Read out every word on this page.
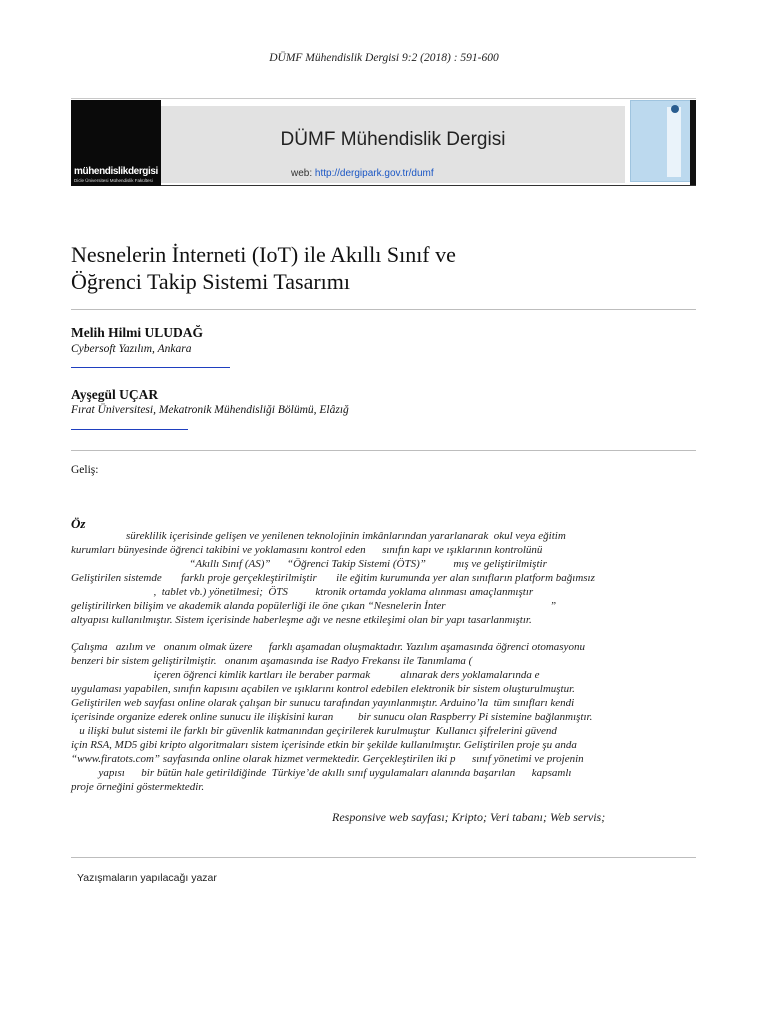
DÜMF Mühendislik Dergisi 9:2 (2018) : 591-600
mühendislikdergisi
Dicle Üniversitesi Mühendislik Fakültesi
DÜMF Mühendislik Dergisi
web: http://dergipark.gov.tr/dumf
Nesnelerin İnterneti (IoT) ile Akıllı Sınıf ve
Öğrenci Takip Sistemi Tasarımı
Melih Hilmi ULUDAĞ
Cybersoft Yazılım, Ankara
Ayşegül UÇAR
Fırat Üniversitesi, Mekatronik Mühendisliği Bölümü, Elâzığ
Geliş:
Öz
süreklilik içerisinde gelişen ve yenilenen teknolojinin imkânlarından yararlanarak  okul veya eğitim
kurumları bünyesinde öğrenci takibini ve yoklamasını kontrol eden      sınıfın kapı ve ışıklarının kontrolünü
“Akıllı Sınıf (AS)”      “Öğrenci Takip Sistemi (ÖTS)”          mış ve geliştirilmiştir
Geliştirilen sistemde       farklı proje gerçekleştirilmiştir       ile eğitim kurumunda yer alan sınıfların platform bağımsız
,  tablet vb.) yönetilmesi;  ÖTS          ktronik ortamda yoklama alınması amaçlanmıştır
geliştirilirken bilişim ve akademik alanda popülerliği ile öne çıkan “Nesnelerin İnter                                      ”
altyapısı kullanılmıştır. Sistem içerisinde haberleşme ağı ve nesne etkileşimi olan bir yapı tasarlanmıştır.
Çalışma   azılım ve   onanım olmak üzere      farklı aşamadan oluşmaktadır. Yazılım aşamasında öğrenci otomasyonu
benzeri bir sistem geliştirilmiştir.   onanım aşamasında ise Radyo Frekansı ile Tanımlama (
içeren öğrenci kimlik kartları ile beraber parmak           alınarak ders yoklamalarında e
uygulaması yapabilen, sınıfın kapısını açabilen ve ışıklarını kontrol edebilen elektronik bir sistem oluşturulmuştur.
Geliştirilen web sayfası online olarak çalışan bir sunucu tarafından yayınlanmıştır. Arduino’la  tüm sınıfları kendi
içerisinde organize ederek online sunucu ile ilişkisini kuran         bir sunucu olan Raspberry Pi sistemine bağlanmıştır.
u ilişki bulut sistemi ile farklı bir güvenlik katmanından geçirilerek kurulmuştur  Kullanıcı şifrelerini güvend
için RSA, MD5 gibi kripto algoritmaları sistem içerisinde etkin bir şekilde kullanılmıştır. Geliştirilen proje şu anda
“www.firatots.com” sayfasında online olarak hizmet vermektedir. Gerçekleştirilen iki p      sınıf yönetimi ve projenin
yapısı      bir bütün hale getirildiğinde  Türkiye’de akıllı sınıf uygulamaları alanında başarılan      kapsamlı
proje örneğini göstermektedir.
Responsive web sayfası; Kripto; Veri tabanı; Web servis;
Yazışmaların yapılacağı yazar
